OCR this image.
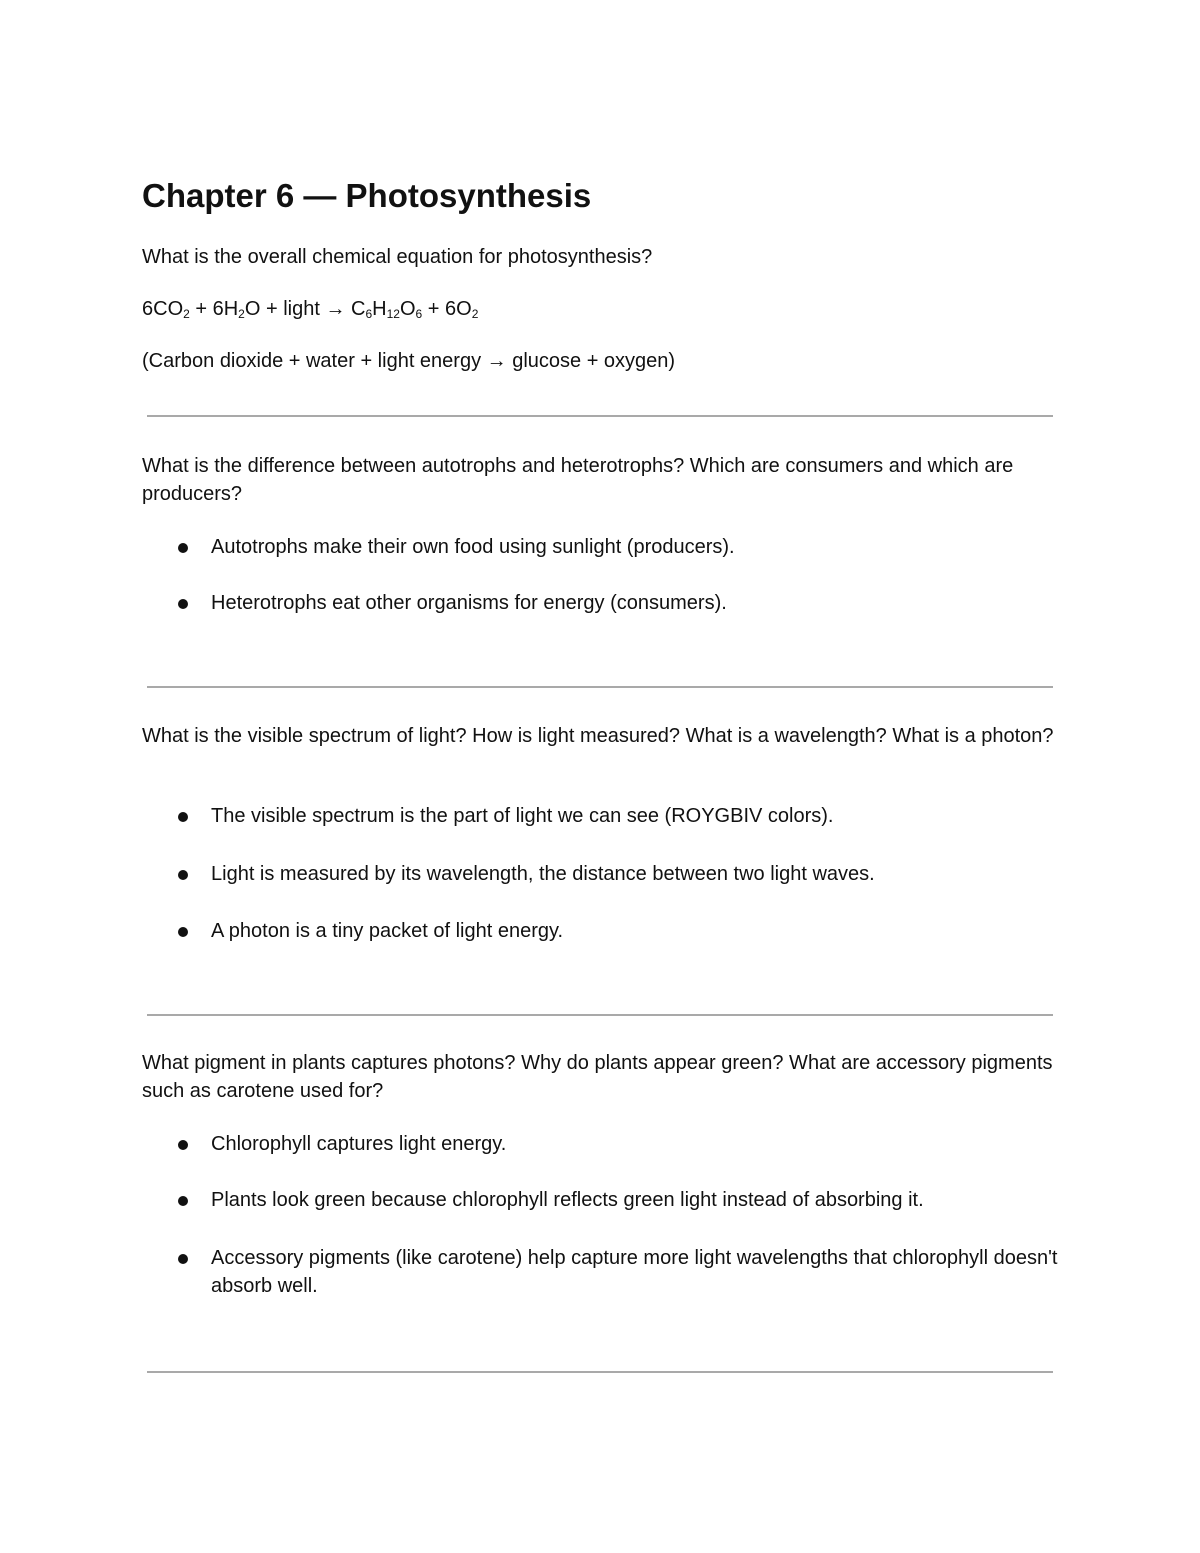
Chapter 6 — Photosynthesis

What is the overall chemical equation for photosynthesis?

$6CO_2 + 6H_2O$ + light → $C_6H_{12}O_6 + 6O_2$

(Carbon dioxide + water + light energy → glucose + oxygen)

What is the difference between autotrophs and heterotrophs? Which are consumers and which are producers?

Autotrophs make their own food using sunlight (producers).

Heterotrophs eat other organisms for energy (consumers).

What is the visible spectrum of light? How is light measured? What is a wavelength? What is a photon?

The visible spectrum is the part of light we can see (ROYGBIV colors).

Light is measured by its wavelength, the distance between two light waves.

A photon is a tiny packet of light energy.

What pigment in plants captures photons? Why do plants appear green? What are accessory pigments such as carotene used for?

Chlorophyll captures light energy.

Plants look green because chlorophyll reflects green light instead of absorbing it.

Accessory pigments (like carotene) help capture more light wavelengths that chlorophyll doesn't absorb well.
